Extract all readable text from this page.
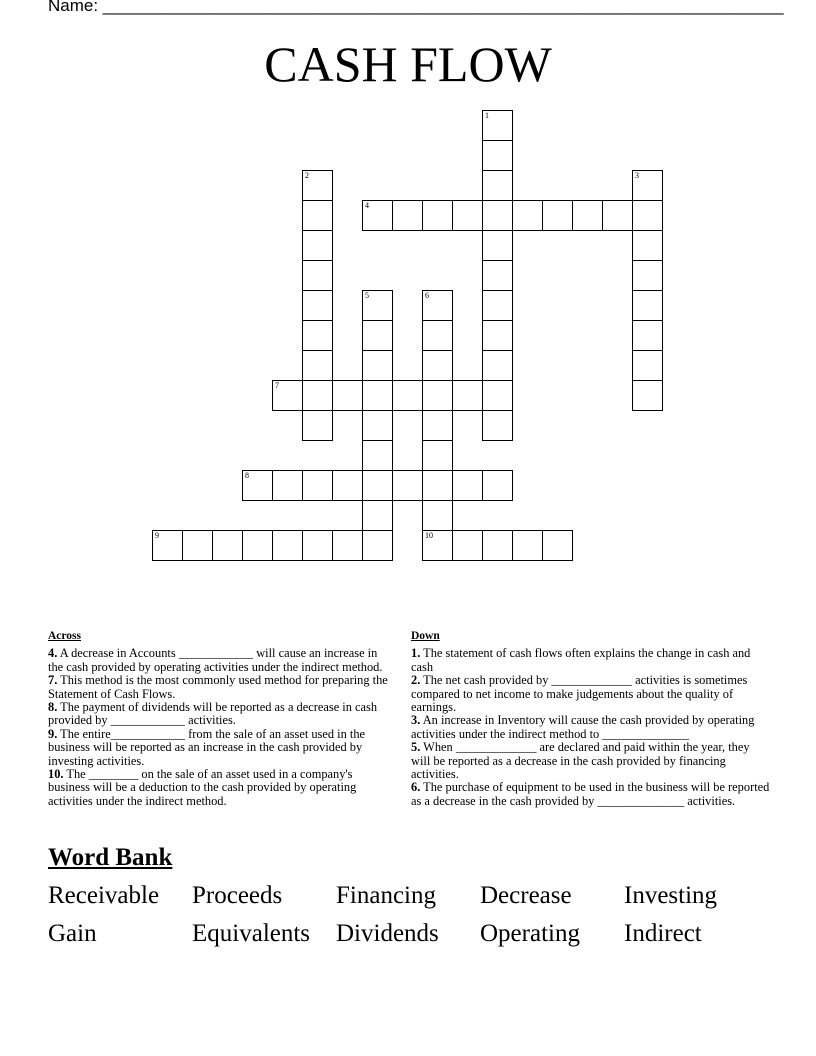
Name: ________________________________________________________________________
CASH FLOW
1
2	3
4
5	6
10
7
8
9
Across
4. A decrease in Accounts ____________ will cause an increase in the cash provided by operating activities under the indirect method.
7. This method is the most commonly used method for preparing the Statement of Cash Flows.
8. The payment of dividends will be reported as a decrease in cash provided by ____________ activities.
9. The entire____________ from the sale of an asset used in the business will be reported as an increase in the cash provided by investing activities.
10. The ________ on the sale of an asset used in a company's business will be a deduction to the cash provided by operating activities under the indirect method.
Down
1. The statement of cash flows often explains the change in cash and cash
2. The net cash provided by _____________ activities is sometimes compared to net income to make judgements about the quality of earnings.
3. An increase in Inventory will cause the cash provided by operating activities under the indirect method to ______________
5. When _____________ are declared and paid within the year, they will be reported as a decrease in the cash provided by financing activities.
6. The purchase of equipment to be used in the business will be reported as a decrease in the cash provided by ______________ activities.
Word Bank
Receivable Proceeds Financing Decrease Investing
Gain	Equivalents Dividends Operating Indirect
